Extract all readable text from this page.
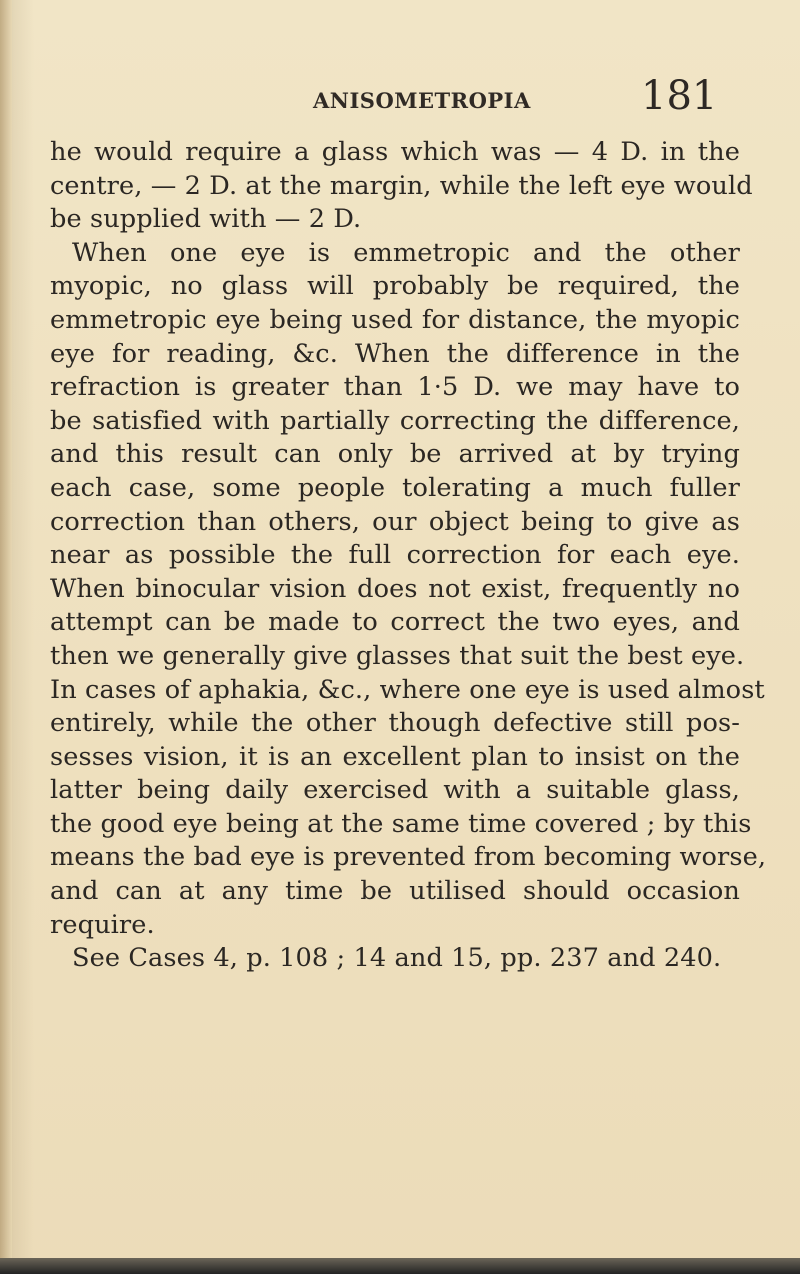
ANISOMETROPIA	181
he would require a glass which was — 4 D. in the
centre, — 2 D. at the margin, while the left eye would
be supplied with — 2 D.
When one eye is emmetropic and the other
myopic, no glass will probably be required, the
emmetropic eye being used for distance, the myopic
eye for reading, &c. When the difference in the
refraction is greater than 1·5 D. we may have to
be satisfied with partially correcting the difference,
and this result can only be arrived at by trying
each case, some people tolerating a much fuller
correction than others, our object being to give as
near as possible the full correction for each eye.
When binocular vision does not exist, frequently no
attempt can be made to correct the two eyes, and
then we generally give glasses that suit the best eye.
In cases of aphakia, &c., where one eye is used almost
entirely, while the other though defective still pos-
sesses vision, it is an excellent plan to insist on the
latter being daily exercised with a suitable glass,
the good eye being at the same time covered ; by this
means the bad eye is prevented from becoming worse,
and can at any time be utilised should occasion
require.
See Cases 4, p. 108 ; 14 and 15, pp. 237 and 240.
